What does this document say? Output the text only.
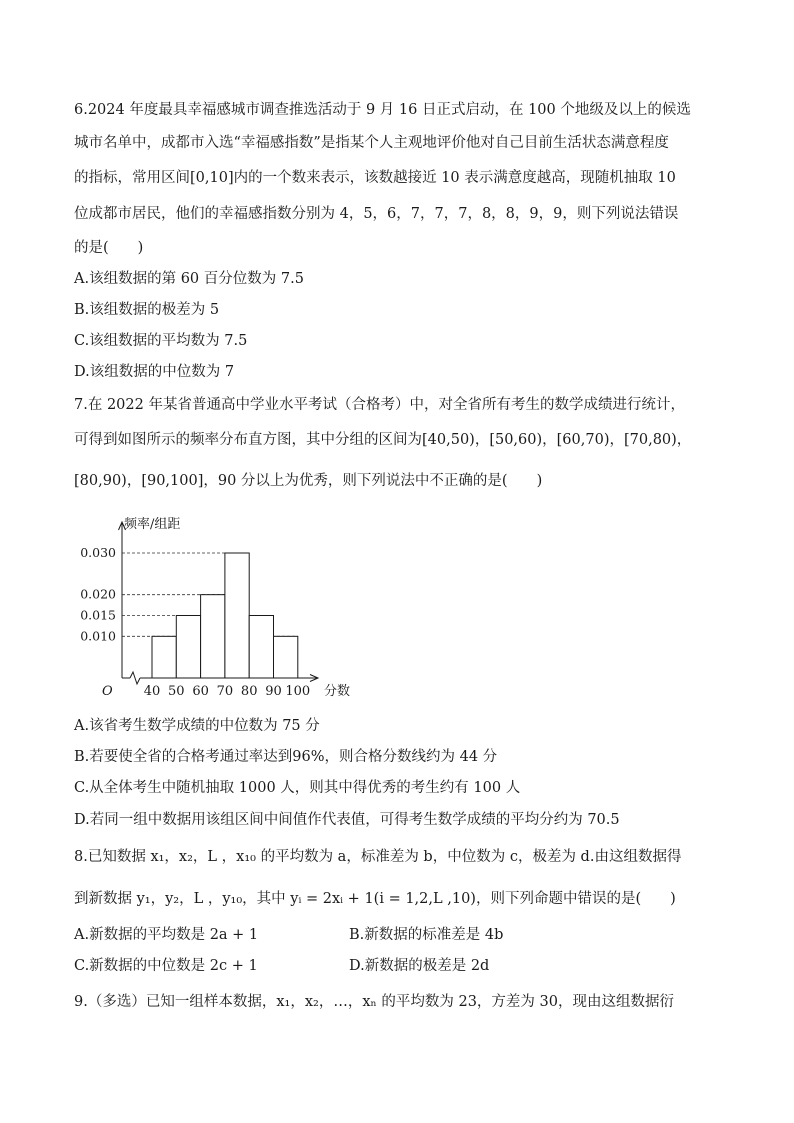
6.2024 年度最具幸福感城市调查推选活动于 9 月 16 日正式启动，在 100 个地级及以上的候选
城市名单中，成都市入选“幸福感指数”是指某个人主观地评价他对自己目前生活状态满意程度
的指标，常用区间[0,10]内的一个数来表示，该数越接近 10 表示满意度越高，现随机抽取 10
位成都市居民，他们的幸福感指数分别为 4，5，6，7，7，7，8，8，9，9，则下列说法错误
的是(　　)
A.该组数据的第 60 百分位数为 7.5
B.该组数据的极差为 5
C.该组数据的平均数为 7.5
D.该组数据的中位数为 7
7.在 2022 年某省普通高中学业水平考试（合格考）中，对全省所有考生的数学成绩进行统计，
可得到如图所示的频率分布直方图，其中分组的区间为[40,50)，[50,60)，[60,70)，[70,80)，
[80,90)，[90,100]，90 分以上为优秀，则下列说法中不正确的是(　　)
0.030
0.020
0.015
0.010
频率/组距
40 50 60 70 80 90 100 分数
O
A.该省考生数学成绩的中位数为 75 分
B.若要使全省的合格考通过率达到96%，则合格分数线约为 44 分
C.从全体考生中随机抽取 1000 人，则其中得优秀的考生约有 100 人
D.若同一组中数据用该组区间中间值作代表值，可得考生数学成绩的平均分约为 70.5
8.已知数据 x₁，x₂，L ，x₁₀ 的平均数为 a，标准差为 b，中位数为 c，极差为 d.由这组数据得
到新数据 y₁，y₂，L ，y₁₀，其中 yᵢ = 2xᵢ + 1(i = 1,2,L ,10)，则下列命题中错误的是(　　)
A.新数据的平均数是 2a + 1	B.新数据的标准差是 4b
C.新数据的中位数是 2c + 1	D.新数据的极差是 2d
9.（多选）已知一组样本数据，x₁，x₂，…，xₙ 的平均数为 23，方差为 30，现由这组数据衍
